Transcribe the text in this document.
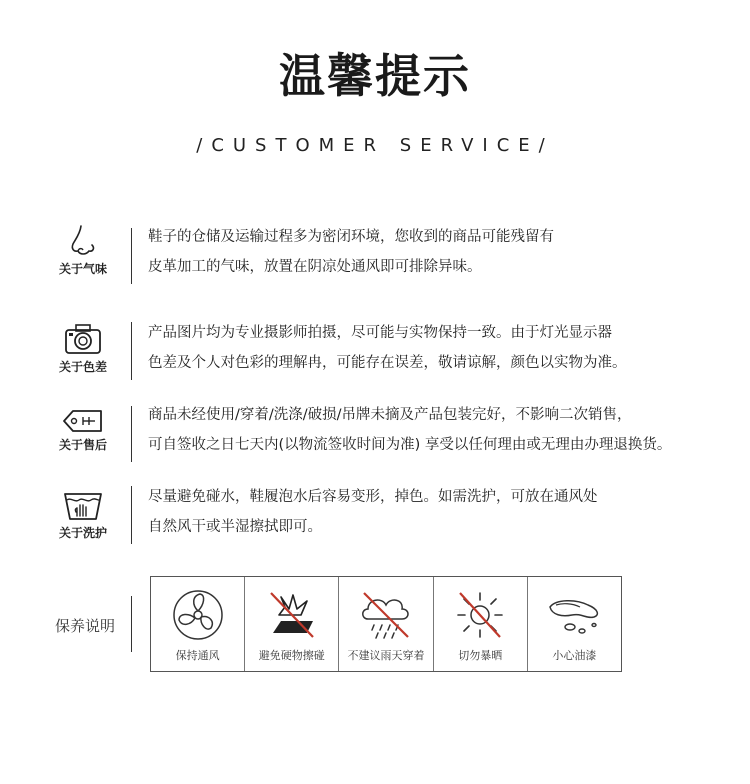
温馨提示
/CUSTOMER SERVICE/
关于气味
鞋子的仓储及运输过程多为密闭环境，您收到的商品可能残留有
皮革加工的气味，放置在阴凉处通风即可排除异味。
关于色差
产品图片均为专业摄影师拍摄，尽可能与实物保持一致。由于灯光显示器
色差及个人对色彩的理解冉，可能存在误差，敬请谅解，颜色以实物为准。
关于售后
商品未经使用/穿着/洗涤/破损/吊牌未摘及产品包装完好，不影响二次销售，
可自签收之日七天内(以物流签收时间为准) 享受以任何理由或无理由办理退换货。
关于洗护
尽量避免碰水，鞋履泡水后容易变形，掉色。如需洗护，可放在通风处
自然风干或半湿擦拭即可。
保养说明
保持通风	避免硬物擦碰	不建议雨天穿着	切勿暴晒	小心油漆
